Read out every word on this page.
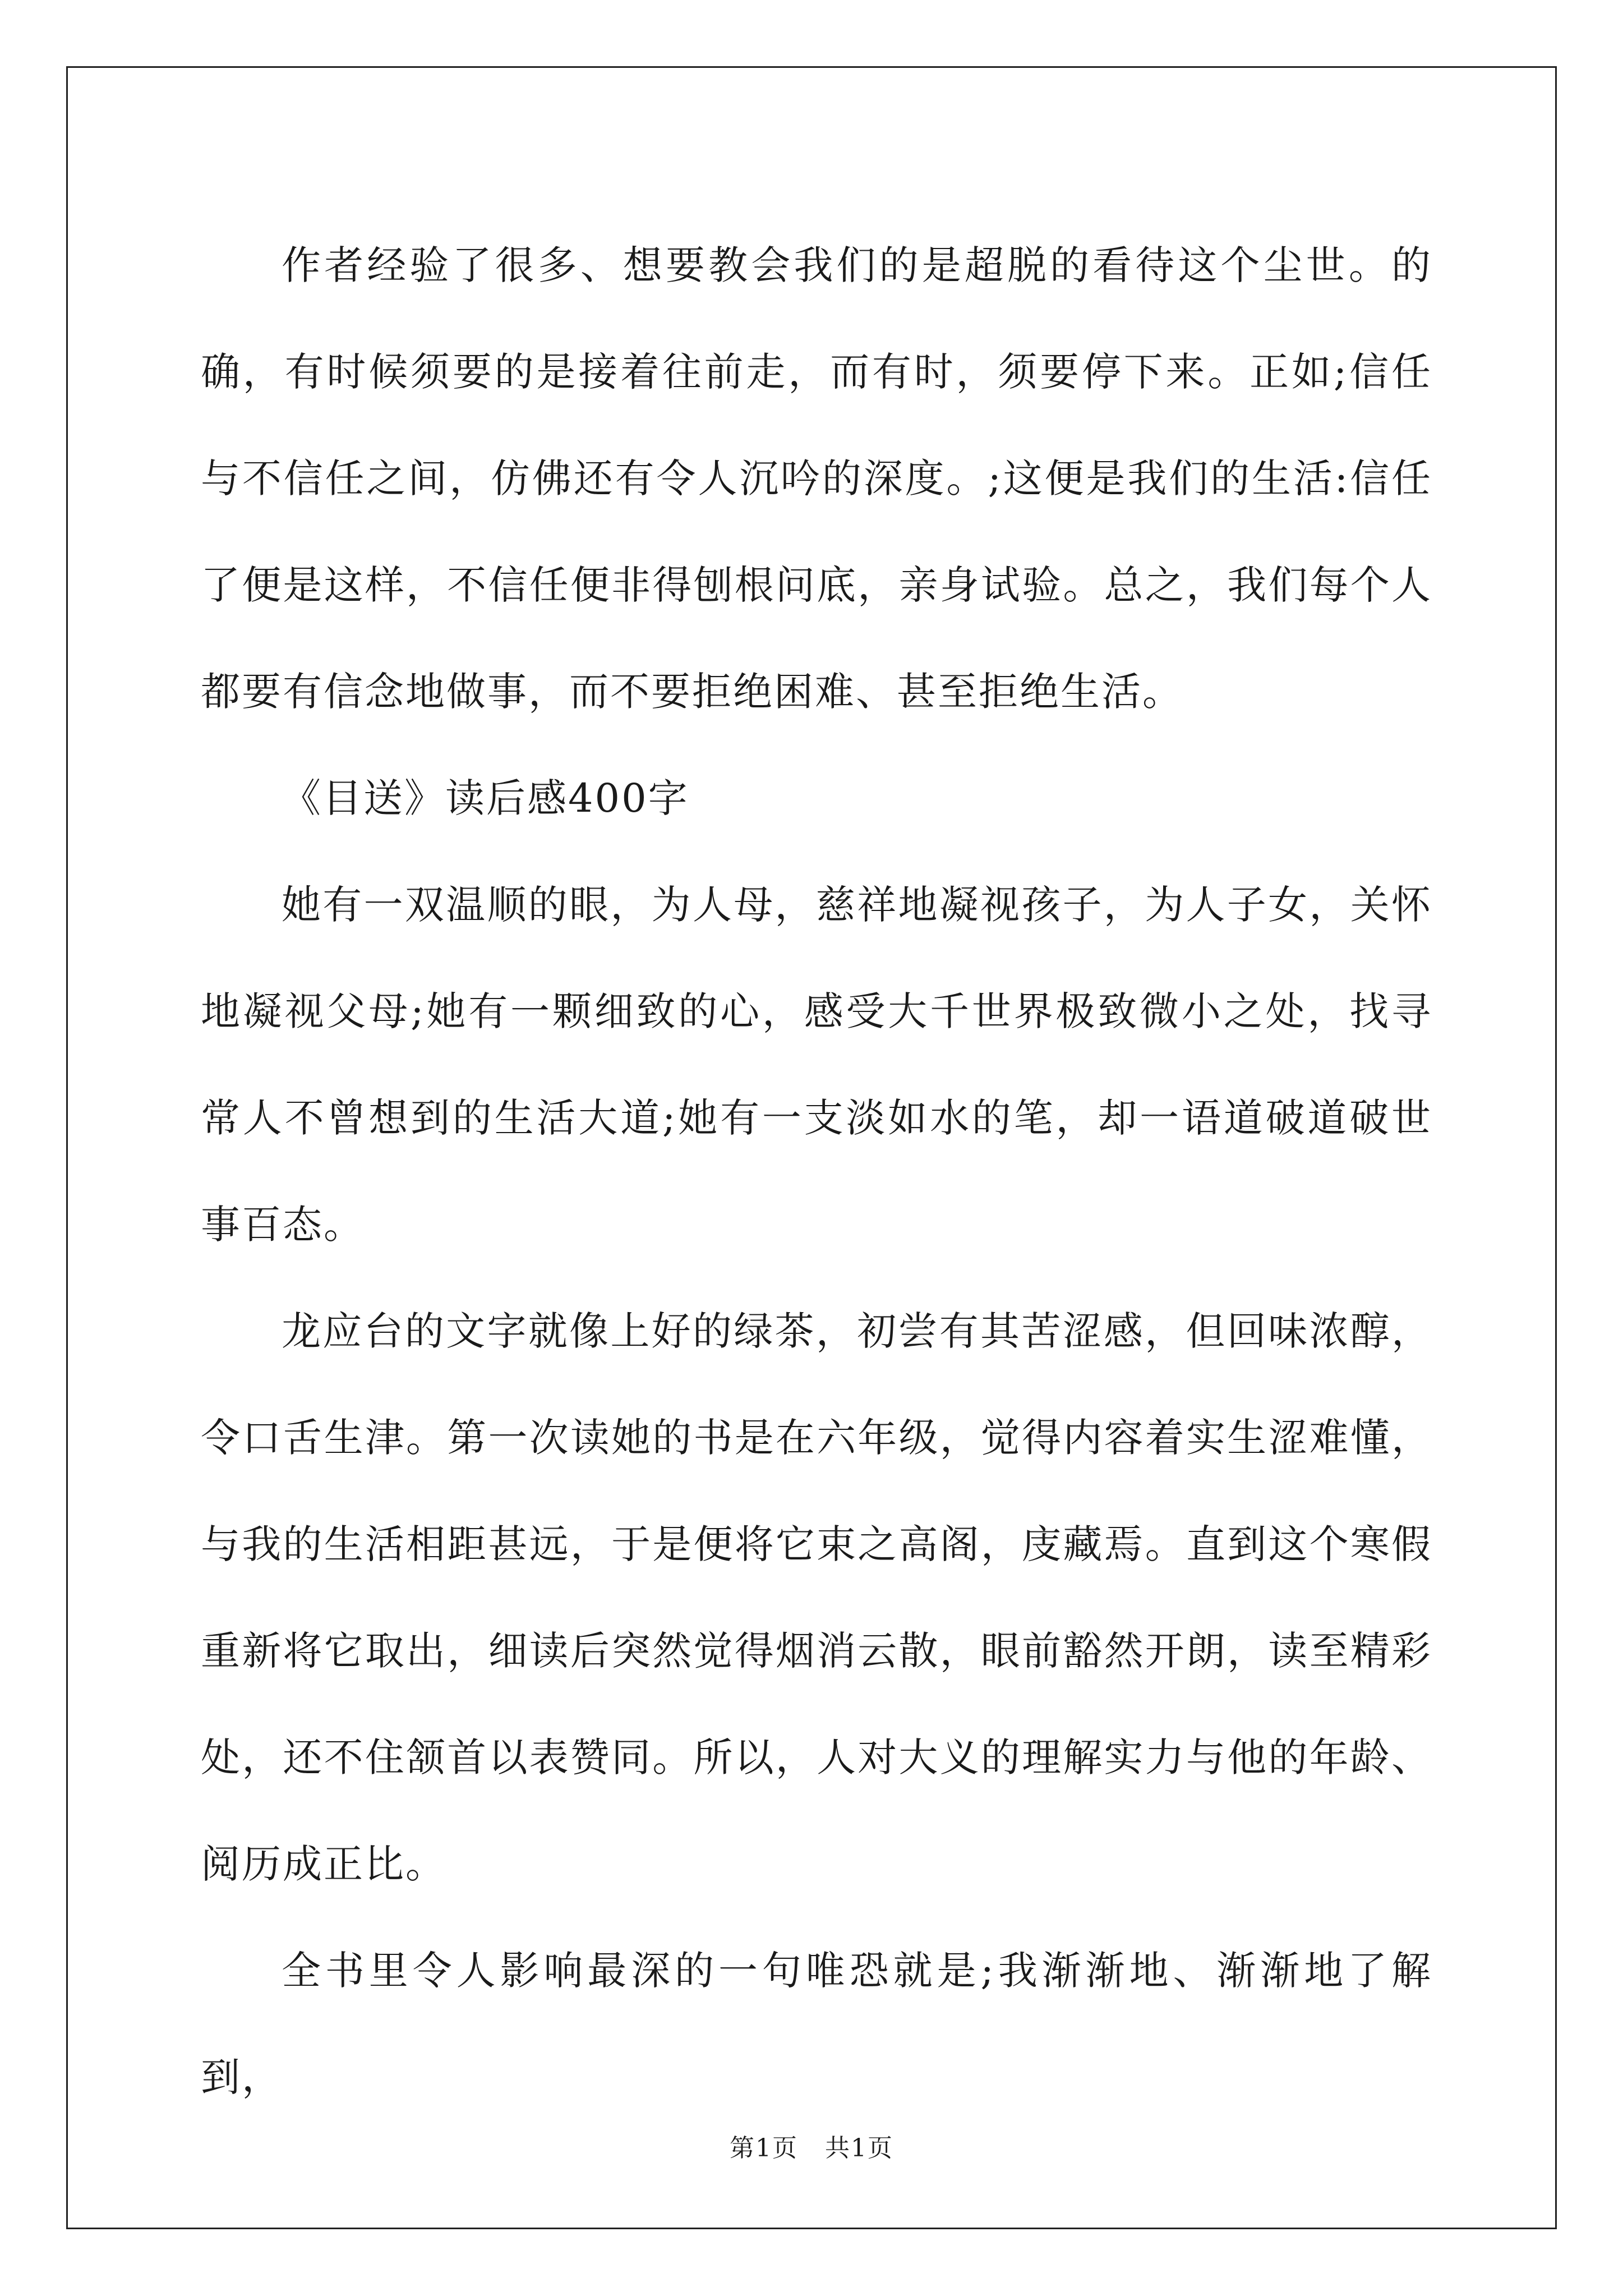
作者经验了很多、想要教会我们的是超脱的看待这个尘世。的确，有时候须要的是接着往前走，而有时，须要停下来。正如;信任与不信任之间，仿佛还有令人沉吟的深度。;这便是我们的生活:信任了便是这样，不信任便非得刨根问底，亲身试验。总之，我们每个人都要有信念地做事，而不要拒绝困难、甚至拒绝生活。

《目送》读后感400字

她有一双温顺的眼，为人母，慈祥地凝视孩子，为人子女，关怀地凝视父母;她有一颗细致的心，感受大千世界极致微小之处，找寻常人不曾想到的生活大道;她有一支淡如水的笔，却一语道破道破世事百态。

龙应台的文字就像上好的绿茶，初尝有其苦涩感，但回味浓醇，令口舌生津。第一次读她的书是在六年级，觉得内容着实生涩难懂，与我的生活相距甚远，于是便将它束之高阁，庋藏焉。直到这个寒假重新将它取出，细读后突然觉得烟消云散，眼前豁然开朗，读至精彩处，还不住颔首以表赞同。所以，人对大义的理解实力与他的年龄、阅历成正比。

全书里令人影响最深的一句唯恐就是;我渐渐地、渐渐地了解到，

第1页 共1页
